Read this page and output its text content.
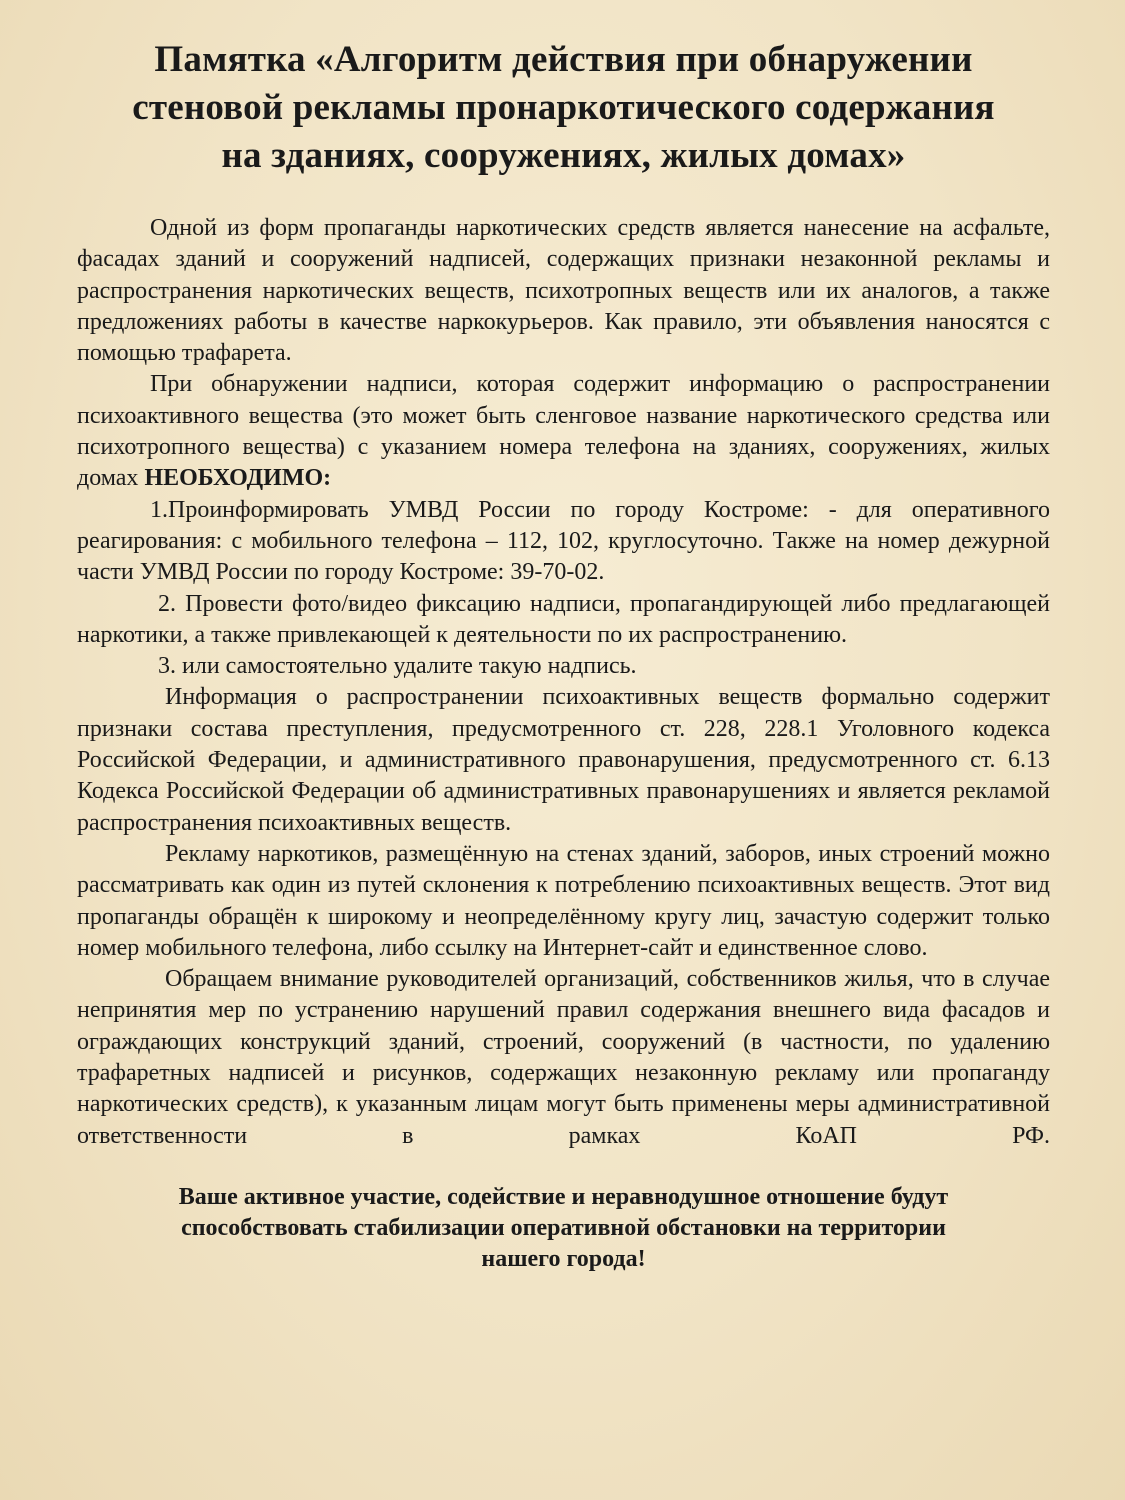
Памятка «Алгоритм действия при обнаружении
стеновой рекламы пронаркотического содержания
на зданиях, сооружениях, жилых домах»

Одной из форм пропаганды наркотических средств является нанесение на асфальте, фасадах зданий и сооружений надписей, содержащих признаки незаконной рекламы и распространения наркотических веществ, психотропных веществ или их аналогов, а также предложениях работы в качестве наркокурьеров. Как правило, эти объявления наносятся с помощью трафарета.

При обнаружении надписи, которая содержит информацию о распространении психоактивного вещества (это может быть сленговое название наркотического средства или психотропного вещества) с указанием номера телефона на зданиях, сооружениях, жилых домах НЕОБХОДИМО:

1.Проинформировать УМВД России по городу Костроме: - для оперативного реагирования: с мобильного телефона – 112, 102, круглосуточно. Также на номер дежурной части УМВД России по городу Костроме: 39-70-02.

2. Провести фото/видео фиксацию надписи, пропагандирующей либо предлагающей наркотики, а также привлекающей к деятельности по их распространению.

3. или самостоятельно удалите такую надпись.

Информация о распространении психоактивных веществ формально содержит признаки состава преступления, предусмотренного ст. 228, 228.1 Уголовного кодекса Российской Федерации, и административного правонарушения, предусмотренного ст. 6.13 Кодекса Российской Федерации об административных правонарушениях и является рекламой распространения психоактивных веществ.

Рекламу наркотиков, размещённую на стенах зданий, заборов, иных строений можно рассматривать как один из путей склонения к потреблению психоактивных веществ. Этот вид пропаганды обращён к широкому и неопределённому кругу лиц, зачастую содержит только номер мобильного телефона, либо ссылку на Интернет-сайт и единственное слово.

Обращаем внимание руководителей организаций, собственников жилья, что в случае непринятия мер по устранению нарушений правил содержания внешнего вида фасадов и ограждающих конструкций зданий, строений, сооружений (в частности, по удалению трафаретных надписей и рисунков, содержащих незаконную рекламу или пропаганду наркотических средств), к указанным лицам могут быть применены меры административной ответственности в рамках КоАП РФ.

Ваше активное участие, содействие и неравнодушное отношение будут
способствовать стабилизации оперативной обстановки на территории
нашего города!
